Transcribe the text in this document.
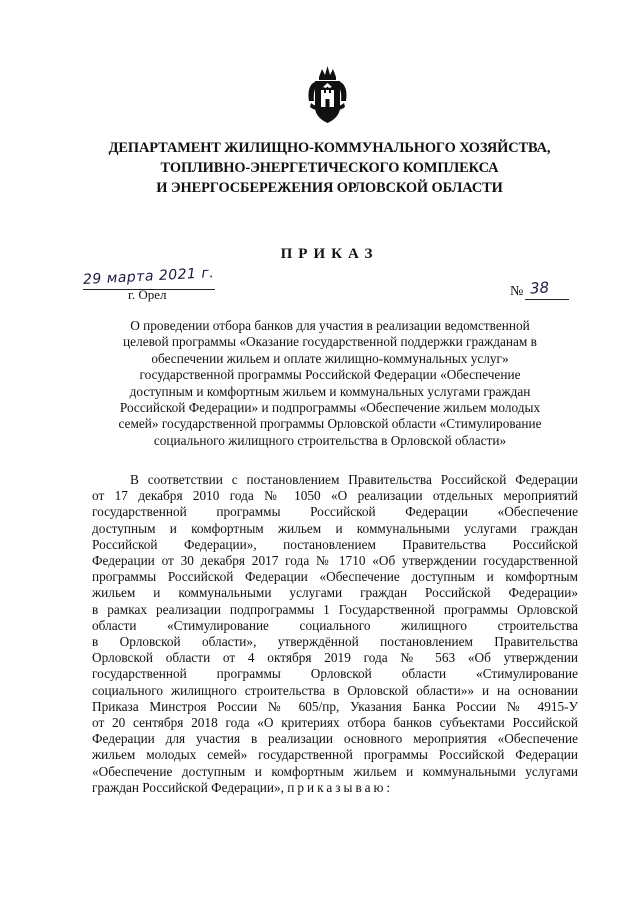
ДЕПАРТАМЕНТ ЖИЛИЩНО-КОММУНАЛЬНОГО ХОЗЯЙСТВА,
ТОПЛИВНО-ЭНЕРГЕТИЧЕСКОГО КОМПЛЕКСА
И ЭНЕРГОСБЕРЕЖЕНИЯ ОРЛОВСКОЙ ОБЛАСТИ
ПРИКАЗ
29 марта 2021 г.
г. Орел	№ 38
О проведении отбора банков для участия в реализации ведомственной
целевой программы «Оказание государственной поддержки гражданам в
обеспечении жильем и оплате жилищно-коммунальных услуг»
государственной программы Российской Федерации «Обеспечение
доступным и комфортным жильем и коммунальных услугами граждан
Российской Федерации» и подпрограммы «Обеспечение жильем молодых
семей» государственной программы Орловской области «Стимулирование
социального жилищного строительства в Орловской области»
В соответствии с постановлением Правительства Российской Федерации
от 17 декабря 2010 года № 1050 «О реализации отдельных мероприятий
государственной программы Российской Федерации «Обеспечение
доступным и комфортным жильем и коммунальными услугами граждан
Российской Федерации», постановлением Правительства Российской
Федерации от 30 декабря 2017 года № 1710 «Об утверждении государственной
программы Российской Федерации «Обеспечение доступным и комфортным
жильем и коммунальными услугами граждан Российской Федерации»
в рамках реализации подпрограммы 1 Государственной программы Орловской
области «Стимулирование социального жилищного строительства
в Орловской области», утверждённой постановлением Правительства
Орловской области от 4 октября 2019 года № 563 «Об утверждении
государственной программы Орловской области «Стимулирование
социального жилищного строительства в Орловской области»» и на основании
Приказа Минстроя России № 605/пр, Указания Банка России № 4915-У
от 20 сентября 2018 года «О критериях отбора банков субъектами Российской
Федерации для участия в реализации основного мероприятия «Обеспечение
жильем молодых семей» государственной программы Российской Федерации
«Обеспечение доступным и комфортным жильем и коммунальными услугами
граждан Российской Федерации», приказываю:
